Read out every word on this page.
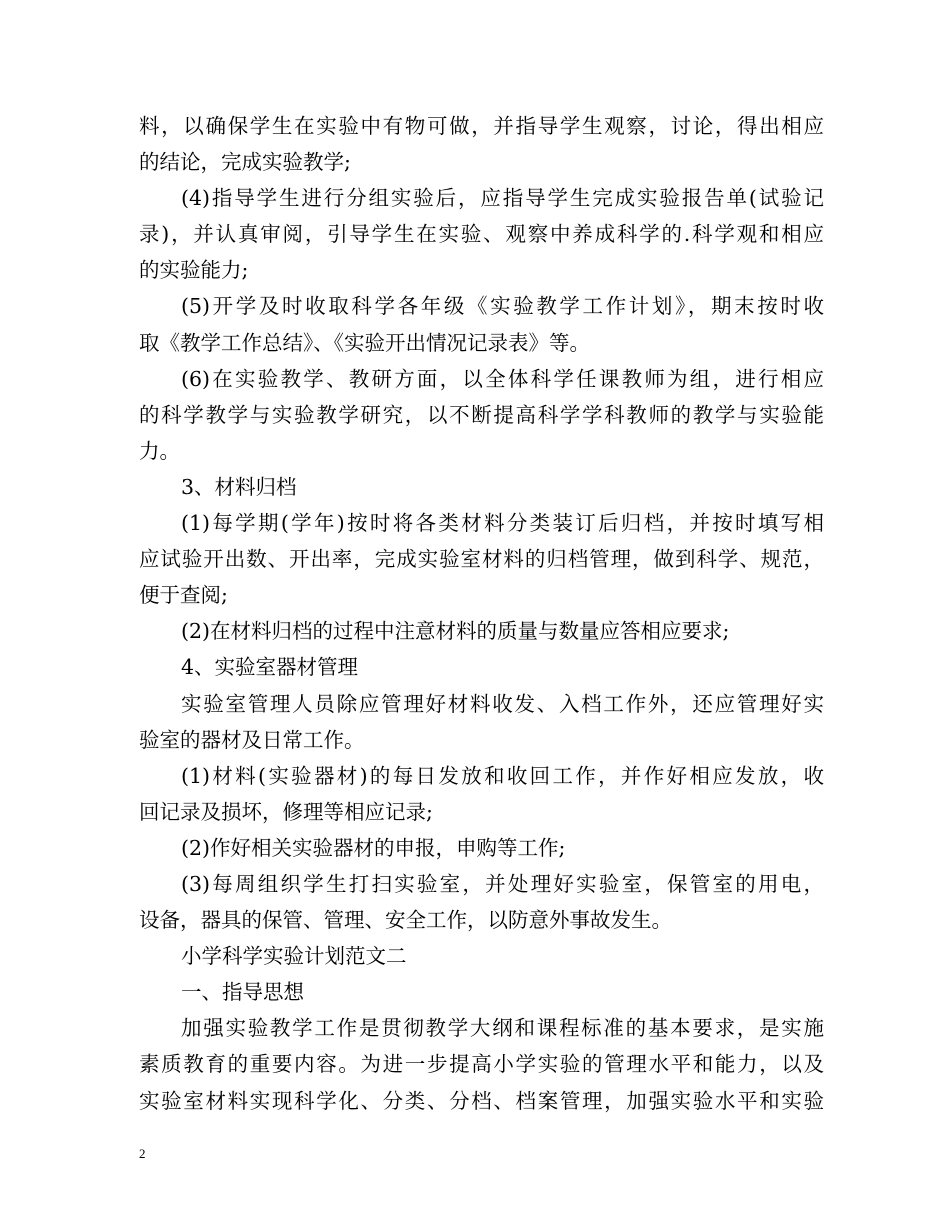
料，以确保学生在实验中有物可做，并指导学生观察，讨论，得出相应
的结论，完成实验教学;
(4)指导学生进行分组实验后，应指导学生完成实验报告单(试验记
录)，并认真审阅，引导学生在实验、观察中养成科学的.科学观和相应
的实验能力;
(5)开学及时收取科学各年级《实验教学工作计划》，期末按时收
取《教学工作总结》、《实验开出情况记录表》等。
(6)在实验教学、教研方面，以全体科学任课教师为组，进行相应
的科学教学与实验教学研究，以不断提高科学学科教师的教学与实验能
力。
3、材料归档
(1)每学期(学年)按时将各类材料分类装订后归档，并按时填写相
应试验开出数、开出率，完成实验室材料的归档管理，做到科学、规范，
便于查阅;
(2)在材料归档的过程中注意材料的质量与数量应答相应要求;
4、实验室器材管理
实验室管理人员除应管理好材料收发、入档工作外，还应管理好实
验室的器材及日常工作。
(1)材料(实验器材)的每日发放和收回工作，并作好相应发放，收
回记录及损坏，修理等相应记录;
(2)作好相关实验器材的申报，申购等工作;
(3)每周组织学生打扫实验室，并处理好实验室，保管室的用电，
设备，器具的保管、管理、安全工作，以防意外事故发生。
小学科学实验计划范文二
一、指导思想
加强实验教学工作是贯彻教学大纲和课程标准的基本要求，是实施
素质教育的重要内容。为进一步提高小学实验的管理水平和能力，以及
实验室材料实现科学化、分类、分档、档案管理，加强实验水平和实验
2
